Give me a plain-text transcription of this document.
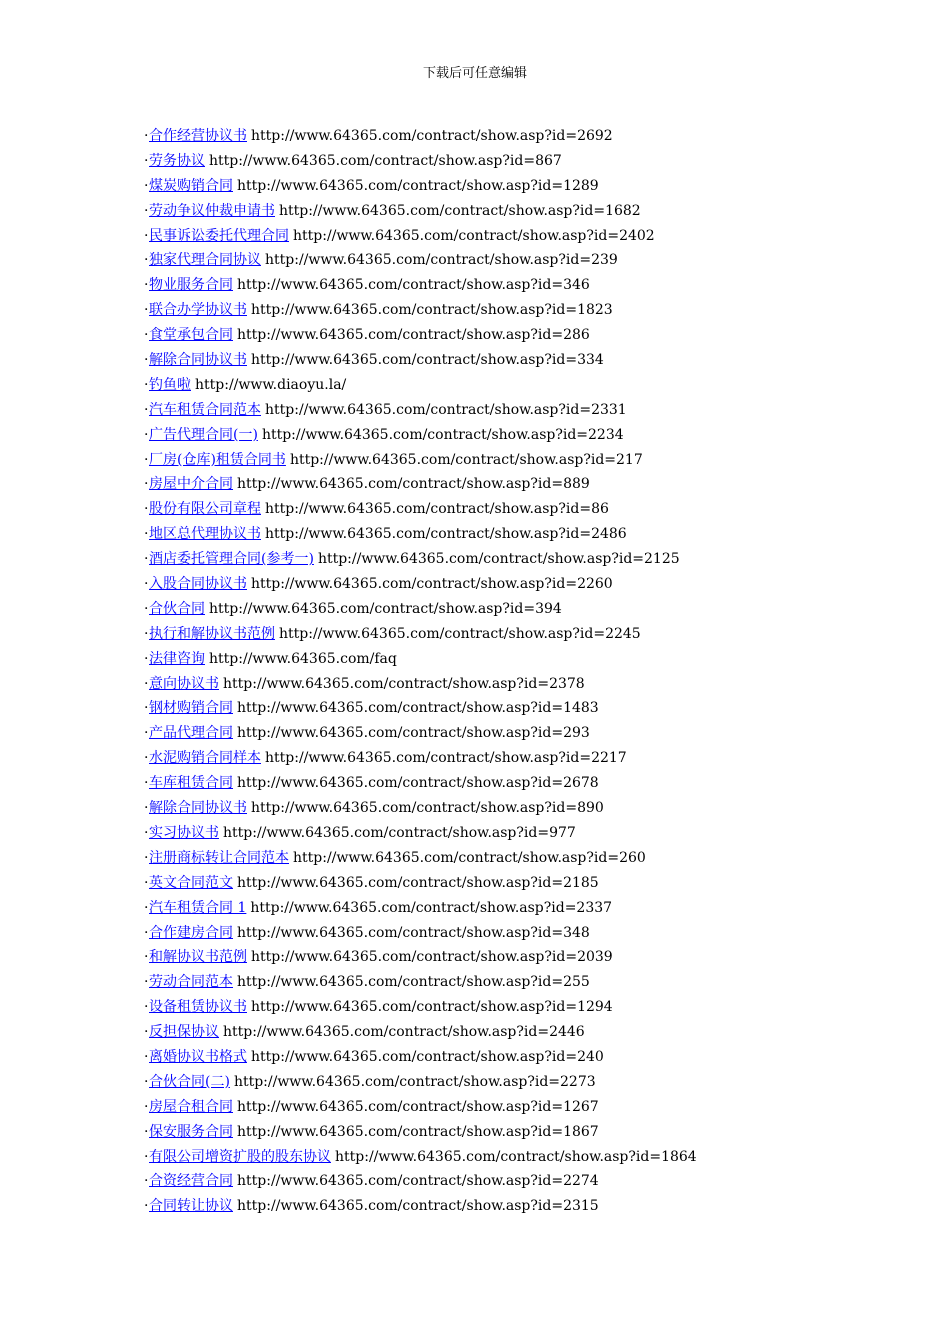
下载后可任意编辑
·合作经营协议书 http://www.64365.com/contract/show.asp?id=2692
·劳务协议 http://www.64365.com/contract/show.asp?id=867
·煤炭购销合同 http://www.64365.com/contract/show.asp?id=1289
·劳动争议仲裁申请书 http://www.64365.com/contract/show.asp?id=1682
·民事诉讼委托代理合同 http://www.64365.com/contract/show.asp?id=2402
·独家代理合同协议 http://www.64365.com/contract/show.asp?id=239
·物业服务合同 http://www.64365.com/contract/show.asp?id=346
·联合办学协议书 http://www.64365.com/contract/show.asp?id=1823
·食堂承包合同 http://www.64365.com/contract/show.asp?id=286
·解除合同协议书 http://www.64365.com/contract/show.asp?id=334
·钓鱼啦 http://www.diaoyu.la/
·汽车租赁合同范本 http://www.64365.com/contract/show.asp?id=2331
·广告代理合同(一) http://www.64365.com/contract/show.asp?id=2234
·厂房(仓库)租赁合同书 http://www.64365.com/contract/show.asp?id=217
·房屋中介合同 http://www.64365.com/contract/show.asp?id=889
·股份有限公司章程 http://www.64365.com/contract/show.asp?id=86
·地区总代理协议书 http://www.64365.com/contract/show.asp?id=2486
·酒店委托管理合同(参考一) http://www.64365.com/contract/show.asp?id=2125
·入股合同协议书 http://www.64365.com/contract/show.asp?id=2260
·合伙合同 http://www.64365.com/contract/show.asp?id=394
·执行和解协议书范例 http://www.64365.com/contract/show.asp?id=2245
·法律咨询 http://www.64365.com/faq
·意向协议书 http://www.64365.com/contract/show.asp?id=2378
·钢材购销合同 http://www.64365.com/contract/show.asp?id=1483
·产品代理合同 http://www.64365.com/contract/show.asp?id=293
·水泥购销合同样本 http://www.64365.com/contract/show.asp?id=2217
·车库租赁合同 http://www.64365.com/contract/show.asp?id=2678
·解除合同协议书 http://www.64365.com/contract/show.asp?id=890
·实习协议书 http://www.64365.com/contract/show.asp?id=977
·注册商标转让合同范本 http://www.64365.com/contract/show.asp?id=260
·英文合同范文 http://www.64365.com/contract/show.asp?id=2185
·汽车租赁合同 1 http://www.64365.com/contract/show.asp?id=2337
·合作建房合同 http://www.64365.com/contract/show.asp?id=348
·和解协议书范例 http://www.64365.com/contract/show.asp?id=2039
·劳动合同范本 http://www.64365.com/contract/show.asp?id=255
·设备租赁协议书 http://www.64365.com/contract/show.asp?id=1294
·反担保协议 http://www.64365.com/contract/show.asp?id=2446
·离婚协议书格式 http://www.64365.com/contract/show.asp?id=240
·合伙合同(二) http://www.64365.com/contract/show.asp?id=2273
·房屋合租合同 http://www.64365.com/contract/show.asp?id=1267
·保安服务合同 http://www.64365.com/contract/show.asp?id=1867
·有限公司增资扩股的股东协议 http://www.64365.com/contract/show.asp?id=1864
·合资经营合同 http://www.64365.com/contract/show.asp?id=2274
·合同转让协议 http://www.64365.com/contract/show.asp?id=2315
